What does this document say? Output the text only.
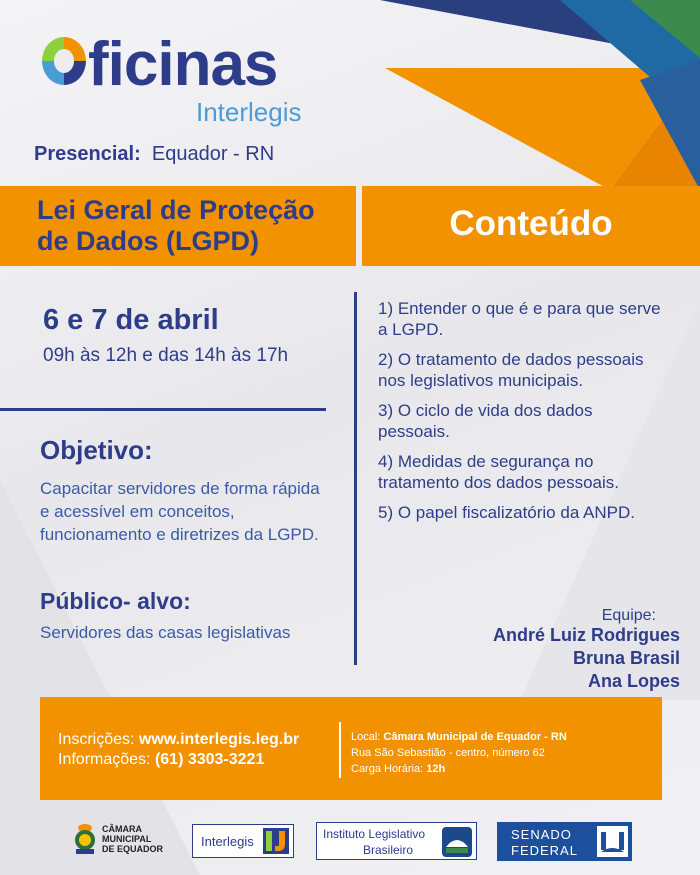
ficinas
Interlegis
Presencial: Equador - RN
Lei Geral de Proteção
de Dados (LGPD)	Conteúdo
6 e 7 de abril
09h às 12h e das 14h às 17h
Objetivo:
Capacitar servidores de forma rápida e acessível em conceitos, funcionamento e diretrizes da LGPD.
Público- alvo:
Servidores das casas legislativas
1) Entender o que é e para que serve a LGPD.
2) O tratamento de dados pessoais nos legislativos municipais.
3) O ciclo de vida dos dados pessoais.
4) Medidas de segurança no tratamento dos dados pessoais.
5) O papel fiscalizatório da ANPD.
Equipe:
André Luiz Rodrigues
Bruna Brasil
Ana Lopes
Inscrições: www.interlegis.leg.br
Informações: (61) 3303-3221
Local: Câmara Municipal de Equador - RN
Rua São Sebastião - centro, número 62
Carga Horária: 12h
CÂMARA
MUNICIPAL
DE EQUADOR	Interlegis	Instituto Legislativo
Brasileiro
SENADO
FEDERAL
